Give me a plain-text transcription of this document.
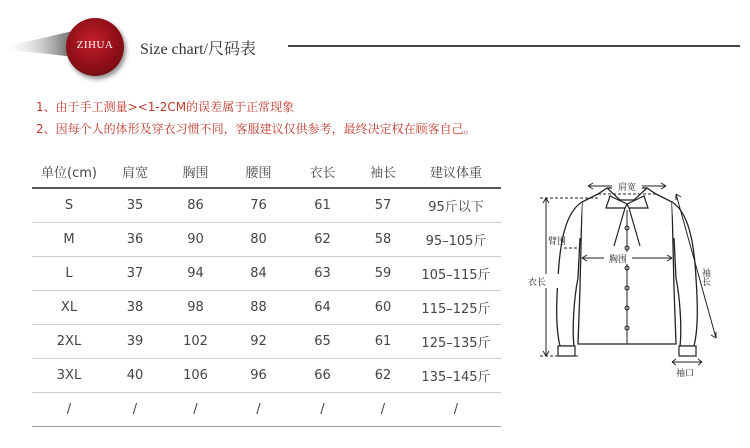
ZIHUA	Size chart/尺码表
1、由于手工测量><1-2CM的误差属于正常现象
2、因每个人的体形及穿衣习惯不同，客服建议仅供参考，最终决定权在顾客自己。
单位(cm)	肩宽	胸围	腰围	衣长	袖长	建议体重
S	35	86	76	61	57	95斤以下
M	36	90	80	62	58	95–105斤
L	37	94	84	63	59	105–115斤
XL	38	98	88	64	60	115–125斤
2XL	39	102	92	65	61	125–135斤
3XL	40	106	96	66	62	135–145斤
/	/	/	/	/	/	/
肩宽
臂围
胸围
衣长	袖长
袖口
